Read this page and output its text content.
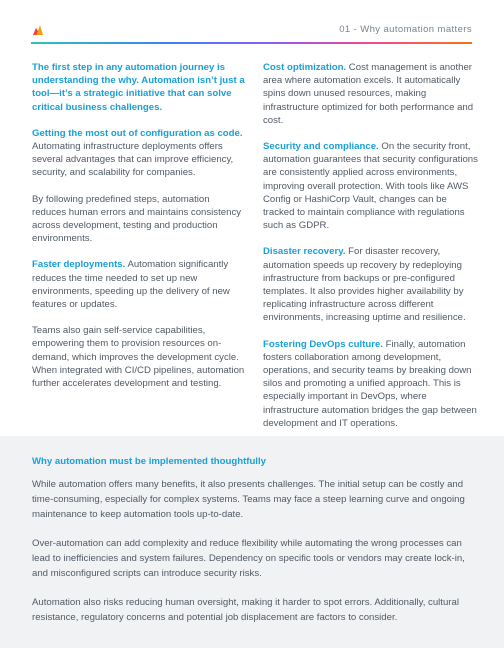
01 - Why automation matters

The first step in any automation journey is understanding the why. Automation isn’t just a tool—it’s a strategic initiative that can solve critical business challenges.

Getting the most out of configuration as code. Automating infrastructure deployments offers several advantages that can improve efficiency, security, and scalability for companies.

By following predefined steps, automation reduces human errors and maintains consistency across development, testing and production environments.

Faster deployments. Automation significantly reduces the time needed to set up new environments, speeding up the delivery of new features or updates.

Teams also gain self-service capabilities, empowering them to provision resources on-demand, which improves the development cycle. When integrated with CI/CD pipelines, automation further accelerates development and testing.

Cost optimization. Cost management is another area where automation excels. It automatically spins down unused resources, making infrastructure optimized for both performance and cost.

Security and compliance. On the security front, automation guarantees that security configurations are consistently applied across environments, improving overall protection. With tools like AWS Config or HashiCorp Vault, changes can be tracked to maintain compliance with regulations such as GDPR.

Disaster recovery. For disaster recovery, automation speeds up recovery by redeploying infrastructure from backups or pre-configured templates. It also provides higher availability by replicating infrastructure across different environments, increasing uptime and resilience.

Fostering DevOps culture. Finally, automation fosters collaboration among development, operations, and security teams by breaking down silos and promoting a unified approach. This is especially important in DevOps, where infrastructure automation bridges the gap between development and IT operations.

Why automation must be implemented thoughtfully

While automation offers many benefits, it also presents challenges. The initial setup can be costly and time-consuming, especially for complex systems. Teams may face a steep learning curve and ongoing maintenance to keep automation tools up-to-date.

Over-automation can add complexity and reduce flexibility while automating the wrong processes can lead to inefficiencies and system failures. Dependency on specific tools or vendors may create lock-in, and misconfigured scripts can introduce security risks.

Automation also risks reducing human oversight, making it harder to spot errors. Additionally, cultural resistance, regulatory concerns and potential job displacement are factors to consider.
